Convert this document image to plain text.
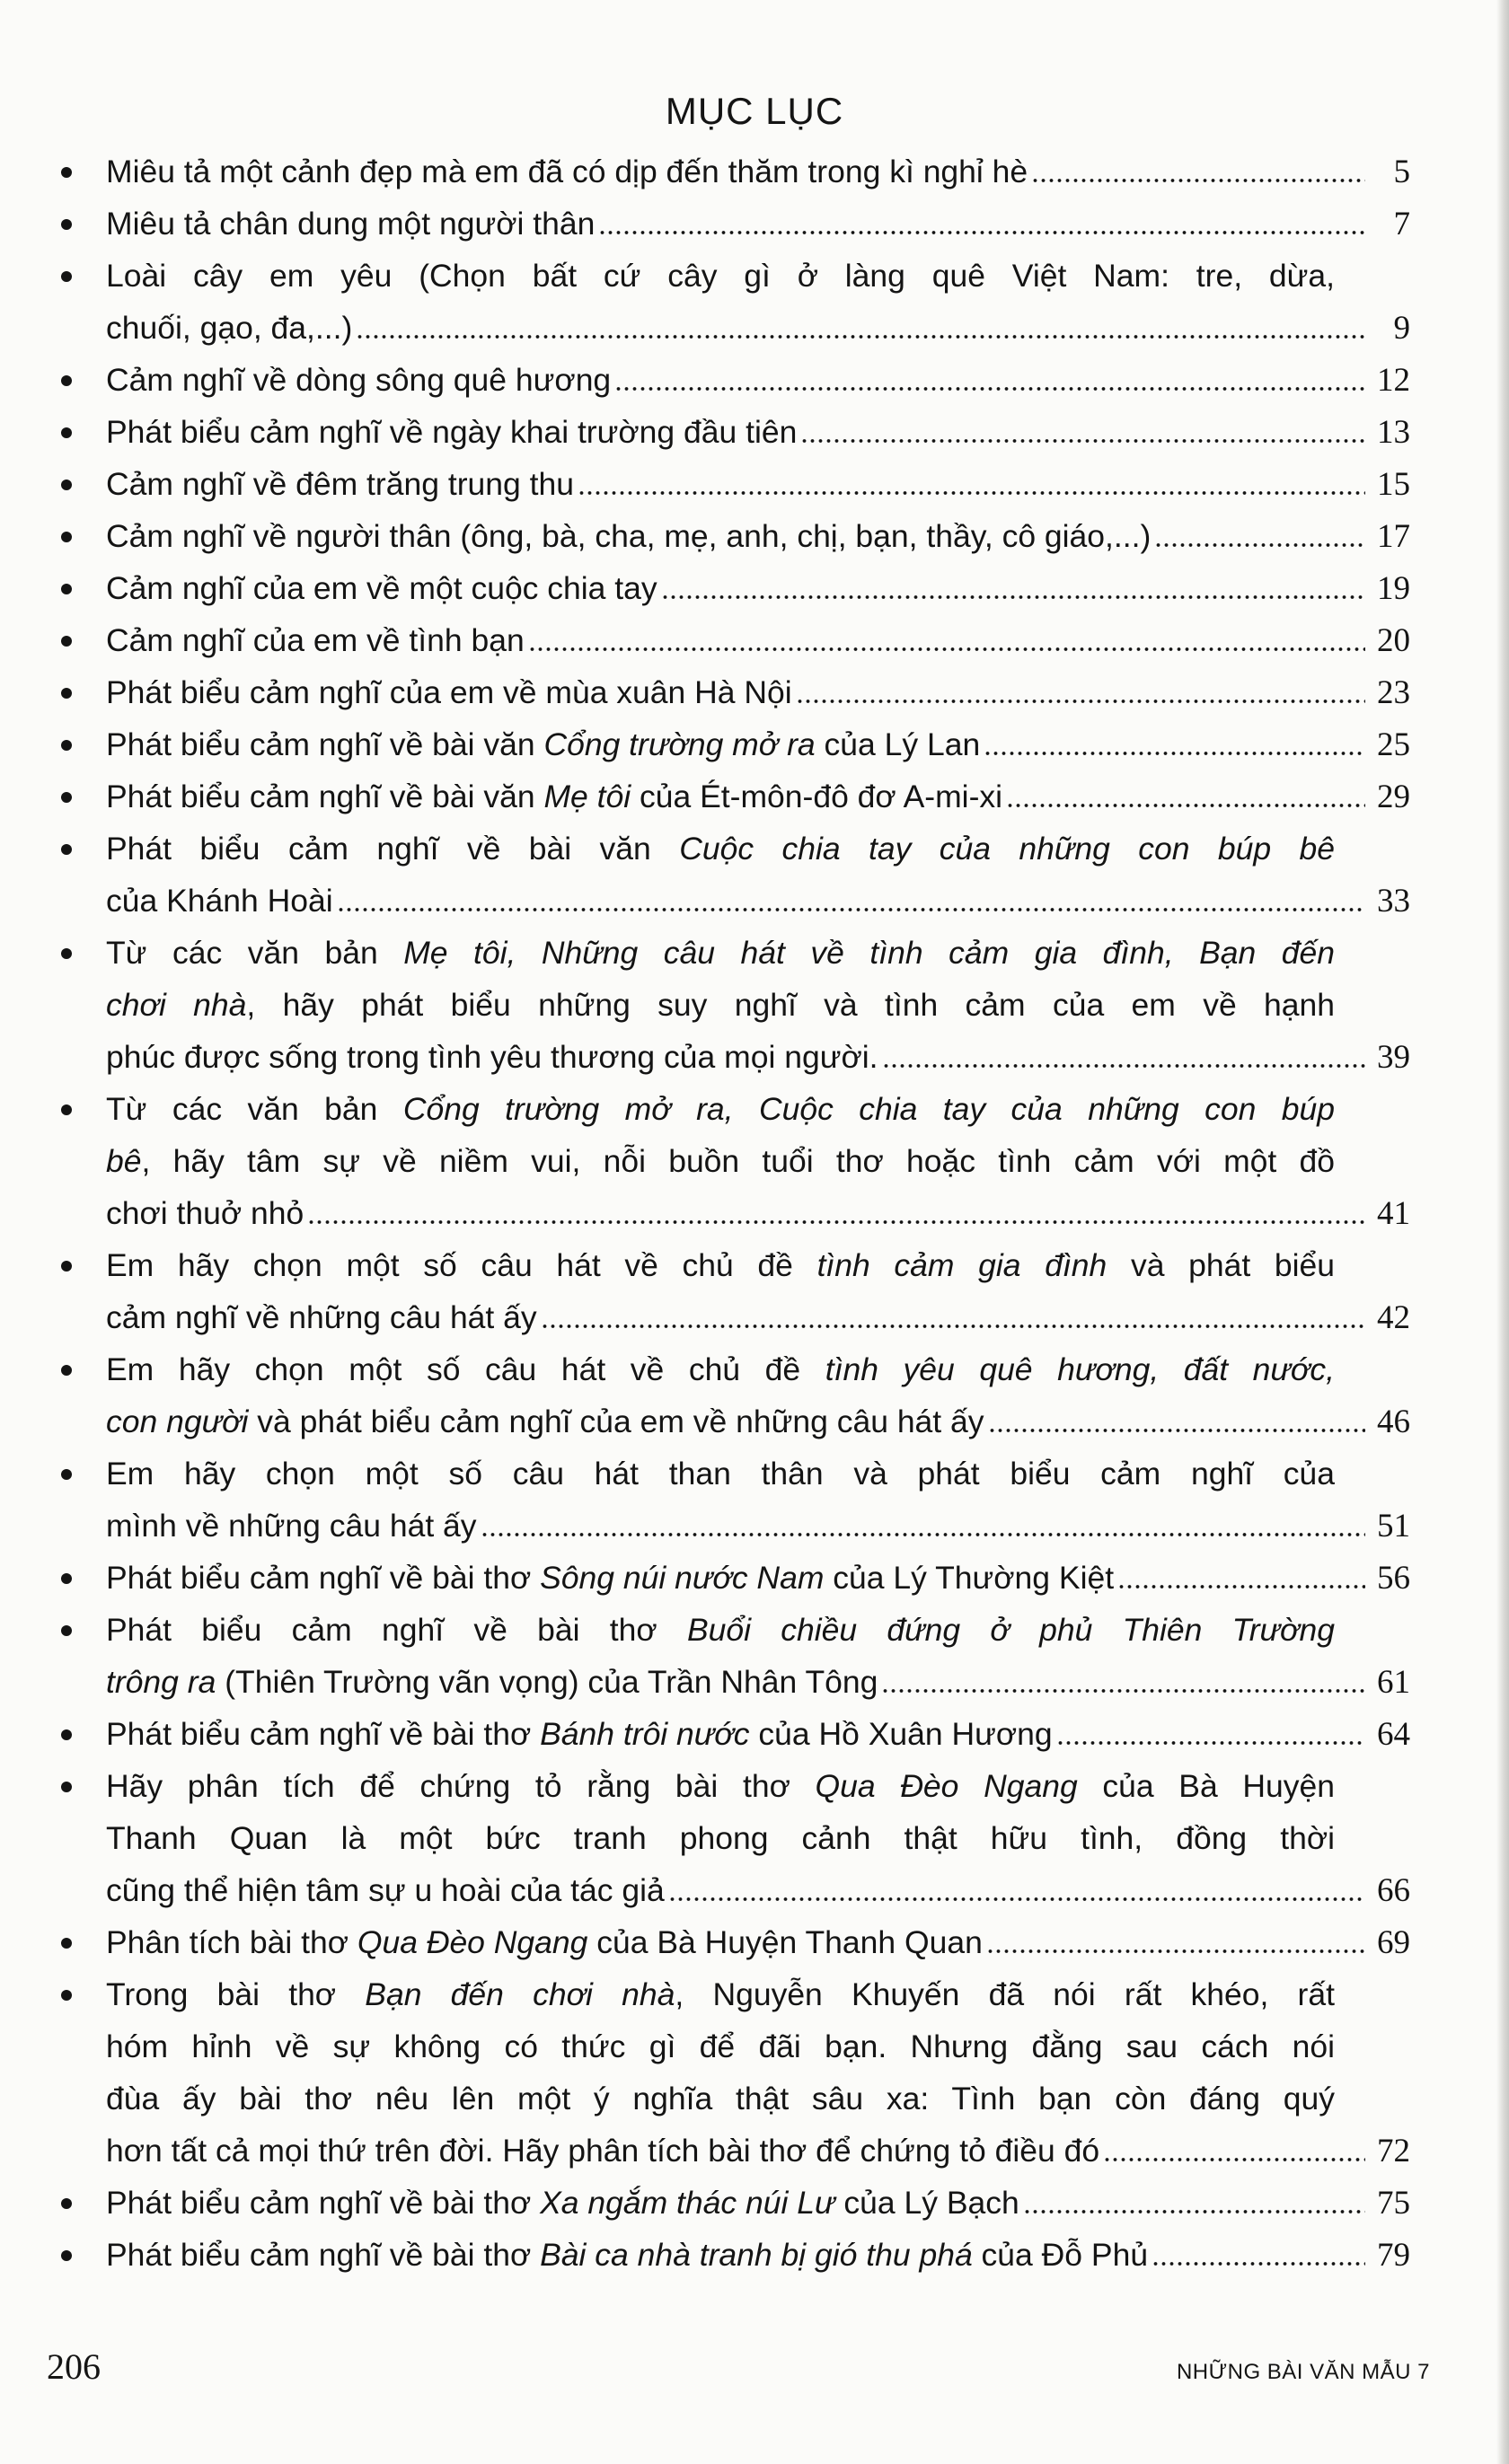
MỤC LỤC
Miêu tả một cảnh đẹp mà em đã có dịp đến thăm trong kì nghỉ hè	5
Miêu tả chân dung một người thân	7
Loài cây em yêu (Chọn bất cứ cây gì ở làng quê Việt Nam: tre, dừa,
chuối, gạo, đa,...)	9
Cảm nghĩ về dòng sông quê hương	12
Phát biểu cảm nghĩ về ngày khai trường đầu tiên	13
Cảm nghĩ về đêm trăng trung thu	15
Cảm nghĩ về người thân (ông, bà, cha, mẹ, anh, chị, bạn, thầy, cô giáo,...)	17
Cảm nghĩ của em về một cuộc chia tay	19
Cảm nghĩ của em về tình bạn	20
Phát biểu cảm nghĩ của em về mùa xuân Hà Nội	23
Phát biểu cảm nghĩ về bài văn Cổng trường mở ra của Lý Lan	25
Phát biểu cảm nghĩ về bài văn Mẹ tôi của Ét-môn-đô đơ A-mi-xi	29
Phát biểu cảm nghĩ về bài văn Cuộc chia tay của những con búp bê
của Khánh Hoài	33
Từ các văn bản Mẹ tôi, Những câu hát về tình cảm gia đình, Bạn đến
chơi nhà, hãy phát biểu những suy nghĩ và tình cảm của em về hạnh
phúc được sống trong tình yêu thương của mọi người.	39
Từ các văn bản Cổng trường mở ra, Cuộc chia tay của những con búp
bê, hãy tâm sự về niềm vui, nỗi buồn tuổi thơ hoặc tình cảm với một đồ
chơi thuở nhỏ	41
Em hãy chọn một số câu hát về chủ đề tình cảm gia đình và phát biểu
cảm nghĩ về những câu hát ấy	42
Em hãy chọn một số câu hát về chủ đề tình yêu quê hương, đất nước,
con người và phát biểu cảm nghĩ của em về những câu hát ấy	46
Em hãy chọn một số câu hát than thân và phát biểu cảm nghĩ của
mình về những câu hát ấy	51
Phát biểu cảm nghĩ về bài thơ Sông núi nước Nam của Lý Thường Kiệt	56
Phát biểu cảm nghĩ về bài thơ Buổi chiều đứng ở phủ Thiên Trường
trông ra (Thiên Trường vãn vọng) của Trần Nhân Tông	61
Phát biểu cảm nghĩ về bài thơ Bánh trôi nước của Hồ Xuân Hương	64
Hãy phân tích để chứng tỏ rằng bài thơ Qua Đèo Ngang của Bà Huyện
Thanh Quan là một bức tranh phong cảnh thật hữu tình, đồng thời
cũng thể hiện tâm sự u hoài của tác giả	66
Phân tích bài thơ Qua Đèo Ngang của Bà Huyện Thanh Quan	69
Trong bài thơ Bạn đến chơi nhà, Nguyễn Khuyến đã nói rất khéo, rất
hóm hỉnh về sự không có thức gì để đãi bạn. Nhưng đằng sau cách nói
đùa ấy bài thơ nêu lên một ý nghĩa thật sâu xa: Tình bạn còn đáng quý
hơn tất cả mọi thứ trên đời. Hãy phân tích bài thơ để chứng tỏ điều đó	72
Phát biểu cảm nghĩ về bài thơ Xa ngắm thác núi Lư của Lý Bạch	75
Phát biểu cảm nghĩ về bài thơ Bài ca nhà tranh bị gió thu phá của Đỗ Phủ	79
206	NHỮNG BÀI VĂN MẪU 7
